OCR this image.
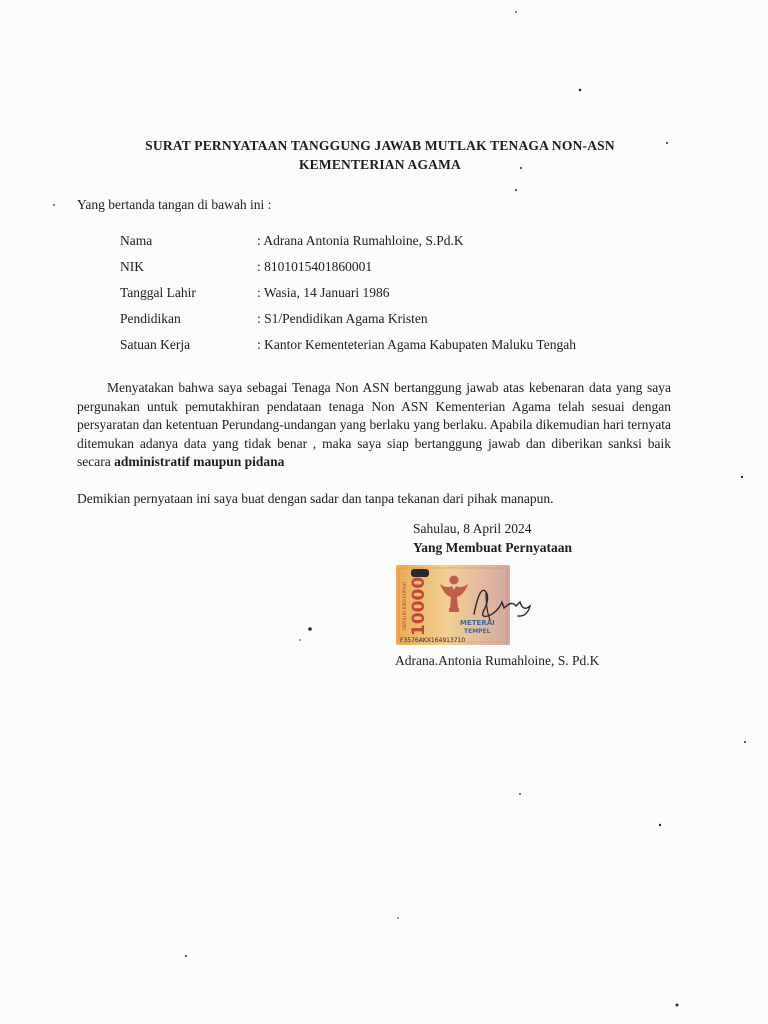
SURAT PERNYATAAN TANGGUNG JAWAB MUTLAK TENAGA NON-ASN
KEMENTERIAN AGAMA
Yang bertanda tangan di bawah ini :
Nama	: Adrana Antonia Rumahloine, S.Pd.K
NIK	: 8101015401860001
Tanggal Lahir	: Wasia, 14 Januari 1986
Pendidikan	: S1/Pendidikan Agama Kristen
Satuan Kerja	: Kantor Kementeterian Agama Kabupaten Maluku Tengah
Menyatakan bahwa saya sebagai Tenaga Non ASN bertanggung jawab atas kebenaran data yang saya pergunakan untuk pemutakhiran pendataan tenaga Non ASN Kementerian Agama telah sesuai dengan persyaratan dan ketentuan Perundang-undangan yang berlaku yang berlaku. Apabila dikemudian hari ternyata ditemukan adanya data yang tidak benar , maka saya siap bertanggung jawab dan diberikan sanksi baik secara administratif maupun pidana
Demikian pernyataan ini saya buat dengan sadar dan tanpa tekanan dari pihak manapun.
Sahulau, 8 April 2024
Yang Membuat Pernyataan
SEPULUH RIBU RUPIAH 10000	METERAI
TEMPEL
F3576AKX164913710
Adrana.Antonia Rumahloine, S. Pd.K
